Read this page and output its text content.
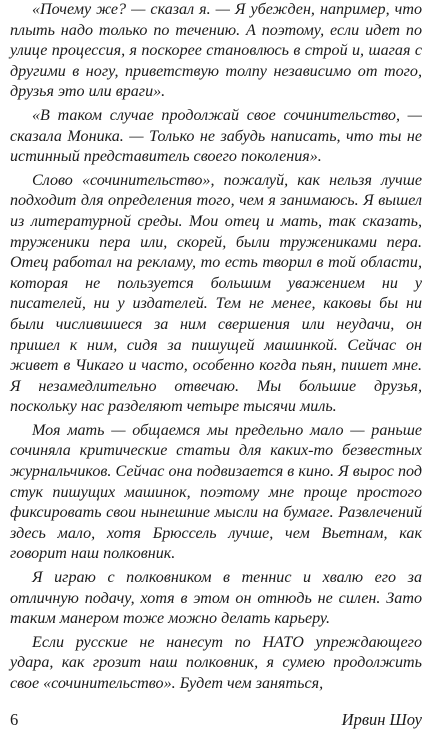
«Почему же? — сказал я. — Я убежден, например, что плыть надо только по течению. А поэтому, если идет по улице процессия, я поскорее становлюсь в строй и, шагая с другими в ногу, приветствую толпу независимо от того, друзья это или враги».

«В таком случае продолжай свое сочинительство, — сказала Моника. — Только не забудь написать, что ты не истинный представитель своего поколения».

Слово «сочинительство», пожалуй, как нельзя лучше подходит для определения того, чем я занимаюсь. Я вышел из литературной среды. Мои отец и мать, так сказать, труженики пера или, скорей, были тружениками пера. Отец работал на рекламу, то есть творил в той области, которая не пользуется большим уважением ни у писателей, ни у издателей. Тем не менее, каковы бы ни были числившиеся за ним свершения или неудачи, он пришел к ним, сидя за пишущей машинкой. Сейчас он живет в Чикаго и часто, особенно когда пьян, пишет мне. Я незамедлительно отвечаю. Мы большие друзья, поскольку нас разделяют четыре тысячи миль.

Моя мать — общаемся мы предельно мало — раньше сочиняла критические статьи для каких-то безвестных журнальчиков. Сейчас она подвизается в кино. Я вырос под стук пишущих машинок, поэтому мне проще простого фиксировать свои нынешние мысли на бумаге. Развлечений здесь мало, хотя Брюссель лучше, чем Вьетнам, как говорит наш полковник.

Я играю с полковником в теннис и хвалю его за отличную подачу, хотя в этом он отнюдь не силен. Зато таким манером тоже можно делать карьеру.

Если русские не нанесут по НАТО упреждающего удара, как грозит наш полковник, я сумею продолжить свое «сочинительство». Будет чем заняться,

6	Ирвин Шоу
